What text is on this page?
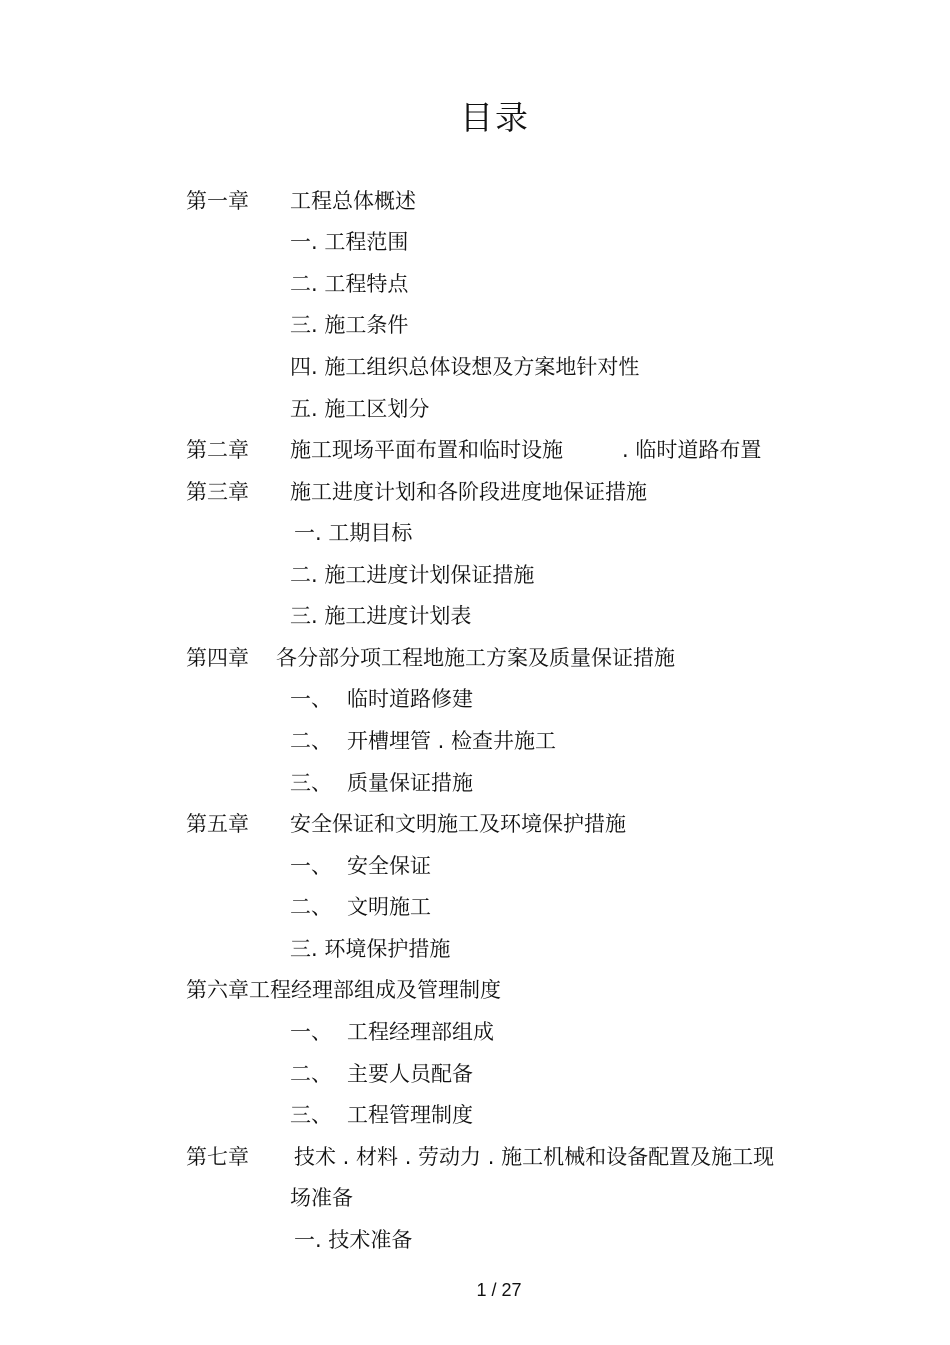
目录
第一章 工程总体概述
一. 工程范围
二. 工程特点
三. 施工条件
四. 施工组织总体设想及方案地针对性
五. 施工区划分
第二章 施工现场平面布置和临时设施	. 临时道路布置
第三章 施工进度计划和各阶段进度地保证措施
一. 工期目标
二. 施工进度计划保证措施
三. 施工进度计划表
第四章 各分部分项工程地施工方案及质量保证措施
一、 临时道路修建
二、 开槽埋管 . 检查井施工
三、 质量保证措施
第五章 安全保证和文明施工及环境保护措施
一、 安全保证
二、 文明施工
三. 环境保护措施
第六章工程经理部组成及管理制度
一、 工程经理部组成
二、 主要人员配备
三、 工程管理制度
第七章 技术 . 材料 . 劳动力 . 施工机械和设备配置及施工现
场准备
一. 技术准备
1 / 27
